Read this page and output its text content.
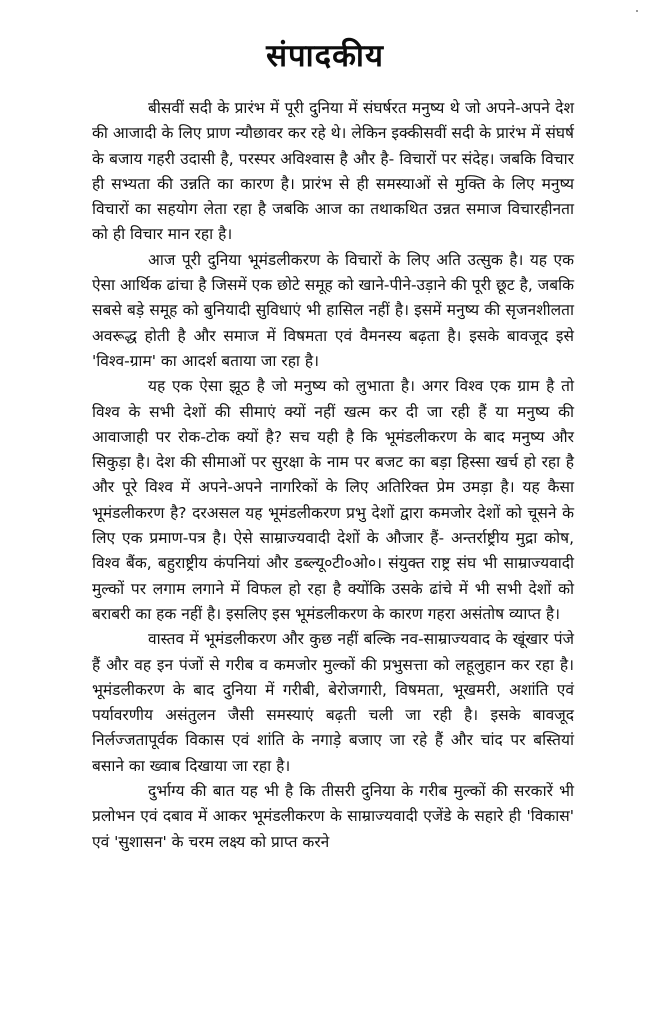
संपादकीय

बीसवीं सदी के प्रारंभ में पूरी दुनिया में संघर्षरत मनुष्य थे जो अपने-अपने देश की आजादी के लिए प्राण न्यौछावर कर रहे थे। लेकिन इक्कीसवीं सदी के प्रारंभ में संघर्ष के बजाय गहरी उदासी है, परस्पर अविश्वास है और है- विचारों पर संदेह। जबकि विचार ही सभ्यता की उन्नति का कारण है। प्रारंभ से ही समस्याओं से मुक्ति के लिए मनुष्य विचारों का सहयोग लेता रहा है जबकि आज का तथाकथित उन्नत समाज विचारहीनता को ही विचार मान रहा है।

आज पूरी दुनिया भूमंडलीकरण के विचारों के लिए अति उत्सुक है। यह एक ऐसा आर्थिक ढांचा है जिसमें एक छोटे समूह को खाने-पीने-उड़ाने की पूरी छूट है, जबकि सबसे बड़े समूह को बुनियादी सुविधाएं भी हासिल नहीं है। इसमें मनुष्य की सृजनशीलता अवरूद्ध होती है और समाज में विषमता एवं वैमनस्य बढ़ता है। इसके बावजूद इसे 'विश्व-ग्राम' का आदर्श बताया जा रहा है।

यह एक ऐसा झूठ है जो मनुष्य को लुभाता है। अगर विश्व एक ग्राम है तो विश्व के सभी देशों की सीमाएं क्यों नहीं खत्म कर दी जा रही हैं या मनुष्य की आवाजाही पर रोक-टोक क्यों है? सच यही है कि भूमंडलीकरण के बाद मनुष्य और सिकुड़ा है। देश की सीमाओं पर सुरक्षा के नाम पर बजट का बड़ा हिस्सा खर्च हो रहा है और पूरे विश्व में अपने-अपने नागरिकों के लिए अतिरिक्त प्रेम उमड़ा है। यह कैसा भूमंडलीकरण है? दरअसल यह भूमंडलीकरण प्रभु देशों द्वारा कमजोर देशों को चूसने के लिए एक प्रमाण-पत्र है। ऐसे साम्राज्यवादी देशों के औजार हैं- अन्तर्राष्ट्रीय मुद्रा कोष, विश्व बैंक, बहुराष्ट्रीय कंपनियां और डब्ल्यू०टी०ओ०। संयुक्त राष्ट्र संघ भी साम्राज्यवादी मुल्कों पर लगाम लगाने में विफल हो रहा है क्योंकि उसके ढांचे में भी सभी देशों को बराबरी का हक नहीं है। इसलिए इस भूमंडलीकरण के कारण गहरा असंतोष व्याप्त है।

वास्तव में भूमंडलीकरण और कुछ नहीं बल्कि नव-साम्राज्यवाद के खूंखार पंजे हैं और वह इन पंजों से गरीब व कमजोर मुल्कों की प्रभुसत्ता को लहूलुहान कर रहा है। भूमंडलीकरण के बाद दुनिया में गरीबी, बेरोजगारी, विषमता, भूखमरी, अशांति एवं पर्यावरणीय असंतुलन जैसी समस्याएं बढ़ती चली जा रही है। इसके बावजूद निर्लज्जतापूर्वक विकास एवं शांति के नगाड़े बजाए जा रहे हैं और चांद पर बस्तियां बसाने का ख्वाब दिखाया जा रहा है।

दुर्भाग्य की बात यह भी है कि तीसरी दुनिया के गरीब मुल्कों की सरकारें भी प्रलोभन एवं दबाव में आकर भूमंडलीकरण के साम्राज्यवादी एजेंडे के सहारे ही 'विकास' एवं 'सुशासन' के चरम लक्ष्य को प्राप्त करने
